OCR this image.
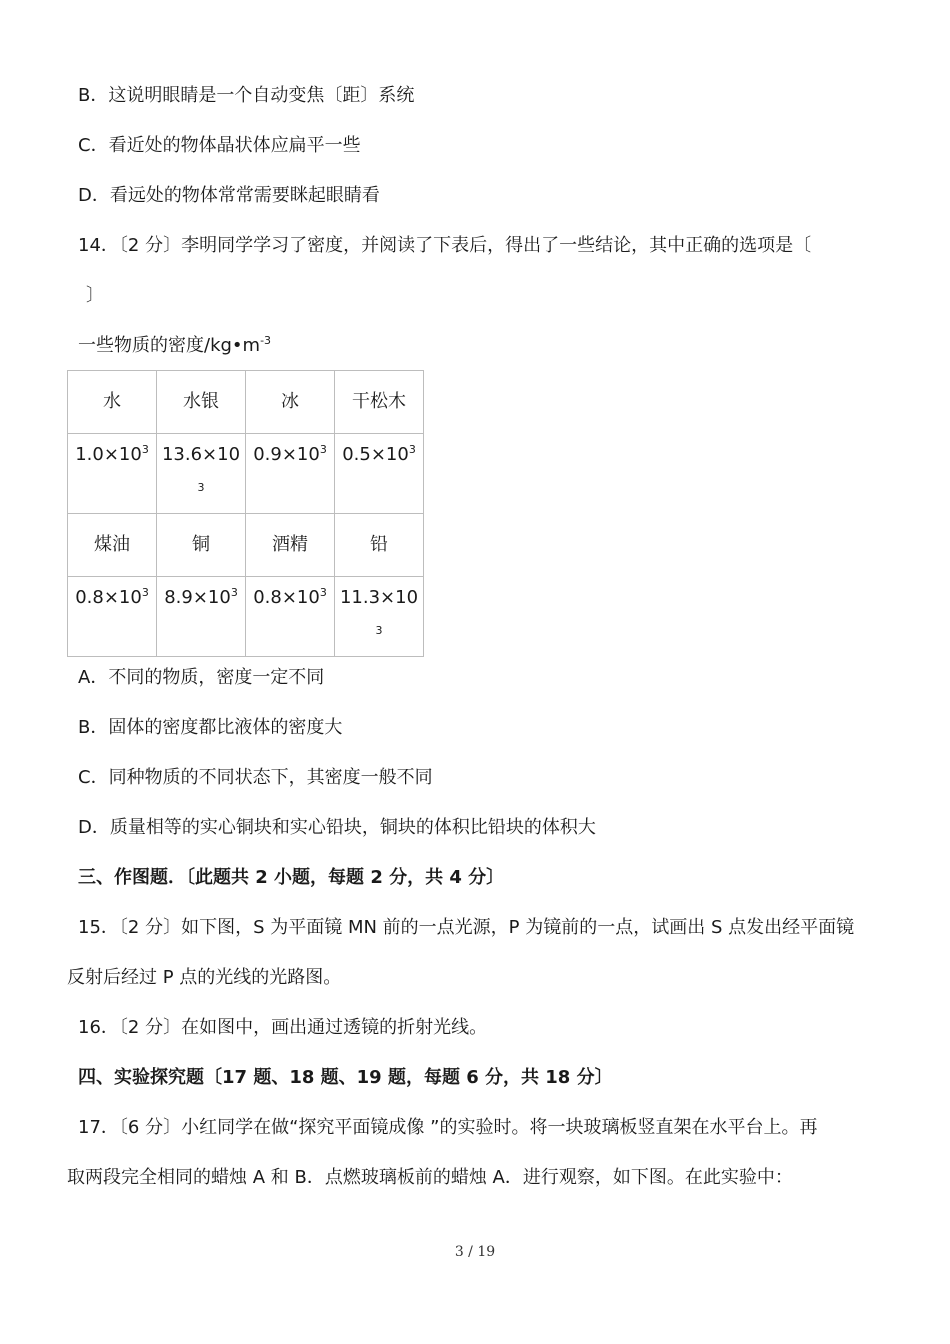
B．这说明眼睛是一个自动变焦〔距〕系统
C．看近处的物体晶状体应扁平一些
D．看远处的物体常常需要眯起眼睛看
14．〔2 分〕李明同学学习了密度，并阅读了下表后，得出了一些结论，其中正确的选项是〔
〕
一些物质的密度$/kg•m^{-3}$
水	水银	冰	干松木
$1.0\times 10^3$	$13.6\times 10^3$	$0.9\times 10^3$	$0.5\times 10^3$
煤油	铜	酒精	铅
$0.8\times 10^3$	$8.9\times 10^3$	$0.8\times 10^3$	$11.3\times 10^3$
A．不同的物质，密度一定不同
B．固体的密度都比液体的密度大
C．同种物质的不同状态下，其密度一般不同
D．质量相等的实心铜块和实心铅块，铜块的体积比铅块的体积大
三、作图题．〔此题共 2 小题，每题 2 分，共 4 分〕
15．〔2 分〕如下图，S 为平面镜 MN 前的一点光源，P 为镜前的一点，试画出 S 点发出经平面镜
反射后经过 P 点的光线的光路图。
16．〔2 分〕在如图中，画出通过透镜的折射光线。
四、实验探究题〔17 题、18 题、19 题，每题 6 分，共 18 分〕
17．〔6 分〕小红同学在做“探究平面镜成像 ”的实验时。将一块玻璃板竖直架在水平台上。再
取两段完全相同的蜡烛 A 和 B．点燃玻璃板前的蜡烛 A．进行观察，如下图。在此实验中：
3 / 19
